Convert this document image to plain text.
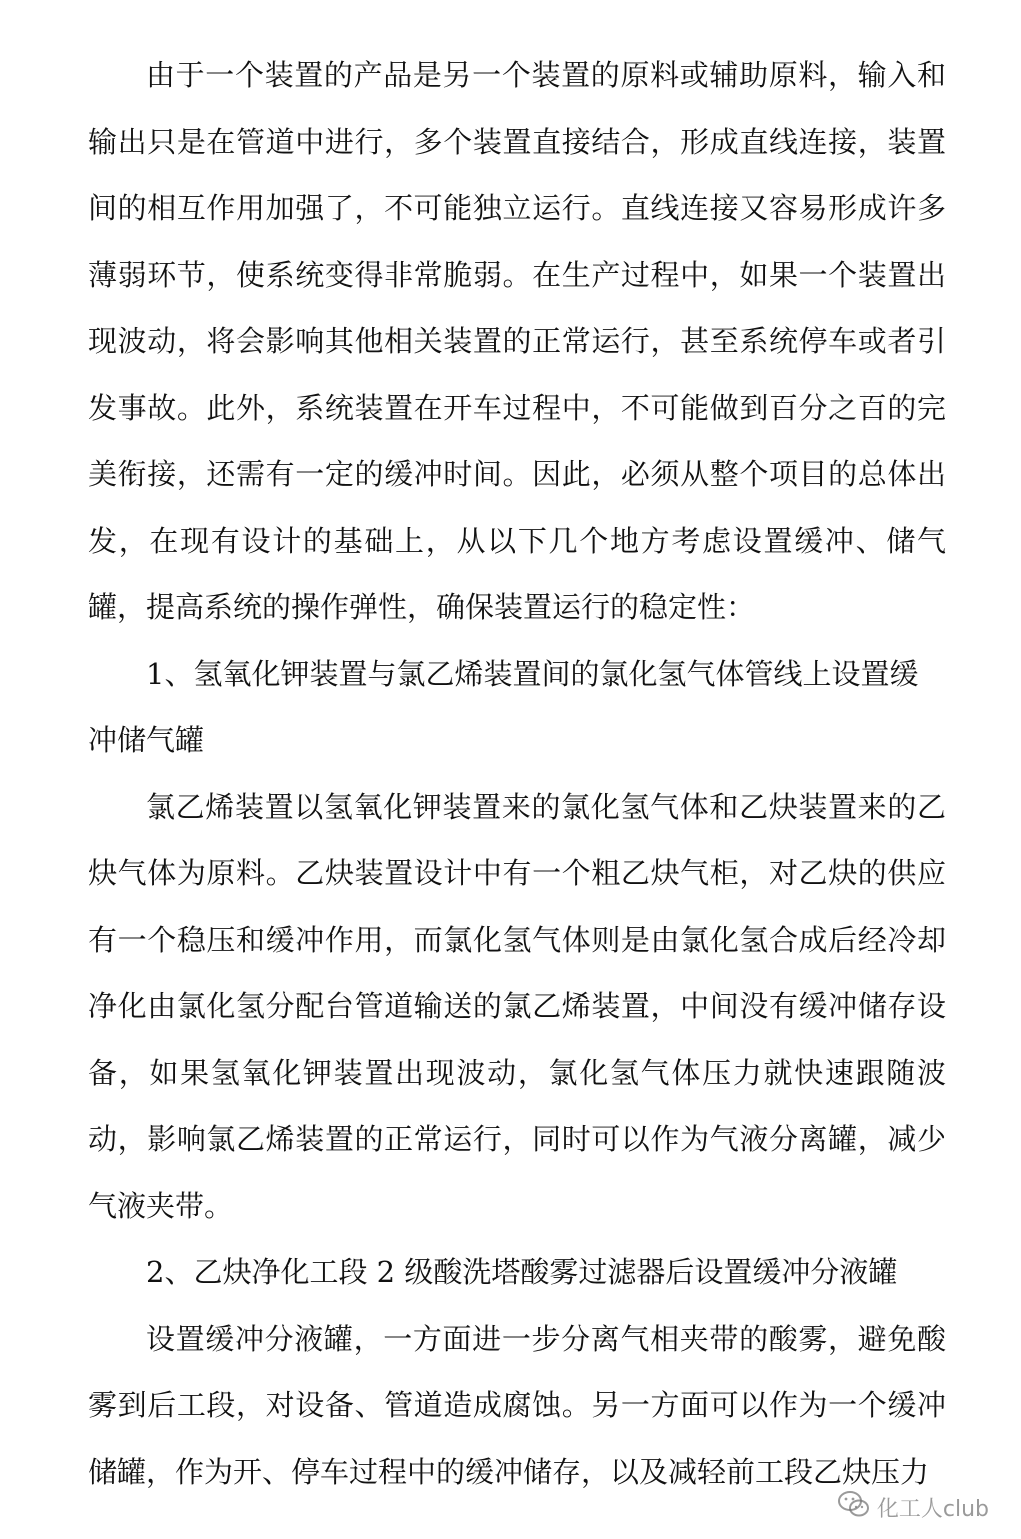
由于一个装置的产品是另一个装置的原料或辅助原料，输入和输出只是在管道中进行，多个装置直接结合，形成直线连接，装置间的相互作用加强了，不可能独立运行。直线连接又容易形成许多薄弱环节，使系统变得非常脆弱。在生产过程中，如果一个装置出现波动，将会影响其他相关装置的正常运行，甚至系统停车或者引发事故。此外，系统装置在开车过程中，不可能做到百分之百的完美衔接，还需有一定的缓冲时间。因此，必须从整个项目的总体出发，在现有设计的基础上，从以下几个地方考虑设置缓冲、储气罐，提高系统的操作弹性，确保装置运行的稳定性：

1、氢氧化钾装置与氯乙烯装置间的氯化氢气体管线上设置缓冲储气罐

氯乙烯装置以氢氧化钾装置来的氯化氢气体和乙炔装置来的乙炔气体为原料。乙炔装置设计中有一个粗乙炔气柜，对乙炔的供应有一个稳压和缓冲作用，而氯化氢气体则是由氯化氢合成后经冷却净化由氯化氢分配台管道输送的氯乙烯装置，中间没有缓冲储存设备，如果氢氧化钾装置出现波动，氯化氢气体压力就快速跟随波动，影响氯乙烯装置的正常运行，同时可以作为气液分离罐，减少气液夹带。

2、乙炔净化工段 2 级酸洗塔酸雾过滤器后设置缓冲分液罐

设置缓冲分液罐，一方面进一步分离气相夹带的酸雾，避免酸雾到后工段，对设备、管道造成腐蚀。另一方面可以作为一个缓冲储罐，作为开、停车过程中的缓冲储存，以及减轻前工段乙炔压力

化工人club
